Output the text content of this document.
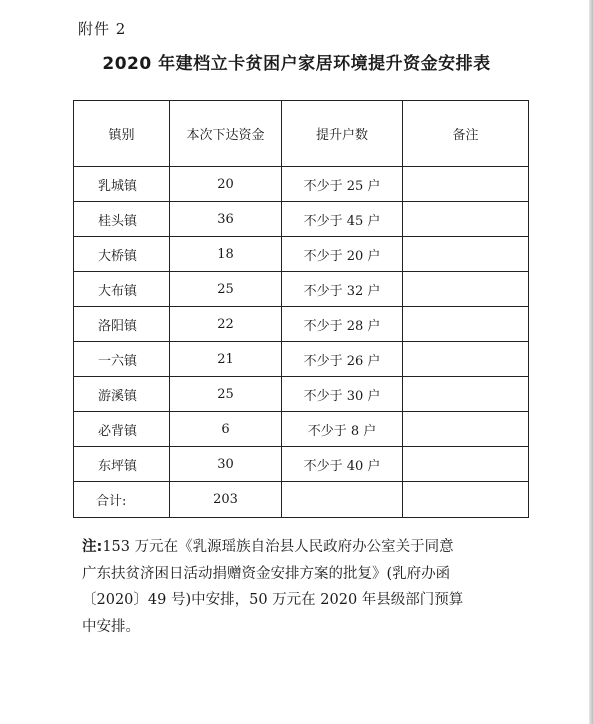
附件 2
2020 年建档立卡贫困户家居环境提升资金安排表
镇别	本次下达资金	提升户数	备注
乳城镇	20	不少于 25 户	
桂头镇	36	不少于 45 户	
大桥镇	18	不少于 20 户	
大布镇	25	不少于 32 户	
洛阳镇	22	不少于 28 户	
一六镇	21	不少于 26 户	
游溪镇	25	不少于 30 户	
必背镇	6	不少于 8 户	
东坪镇	30	不少于 40 户	
合计:	203		
注:153 万元在《乳源瑶族自治县人民政府办公室关于同意
广东扶贫济困日活动捐赠资金安排方案的批复》(乳府办函
〔2020〕49 号)中安排，50 万元在 2020 年县级部门预算
中安排。
